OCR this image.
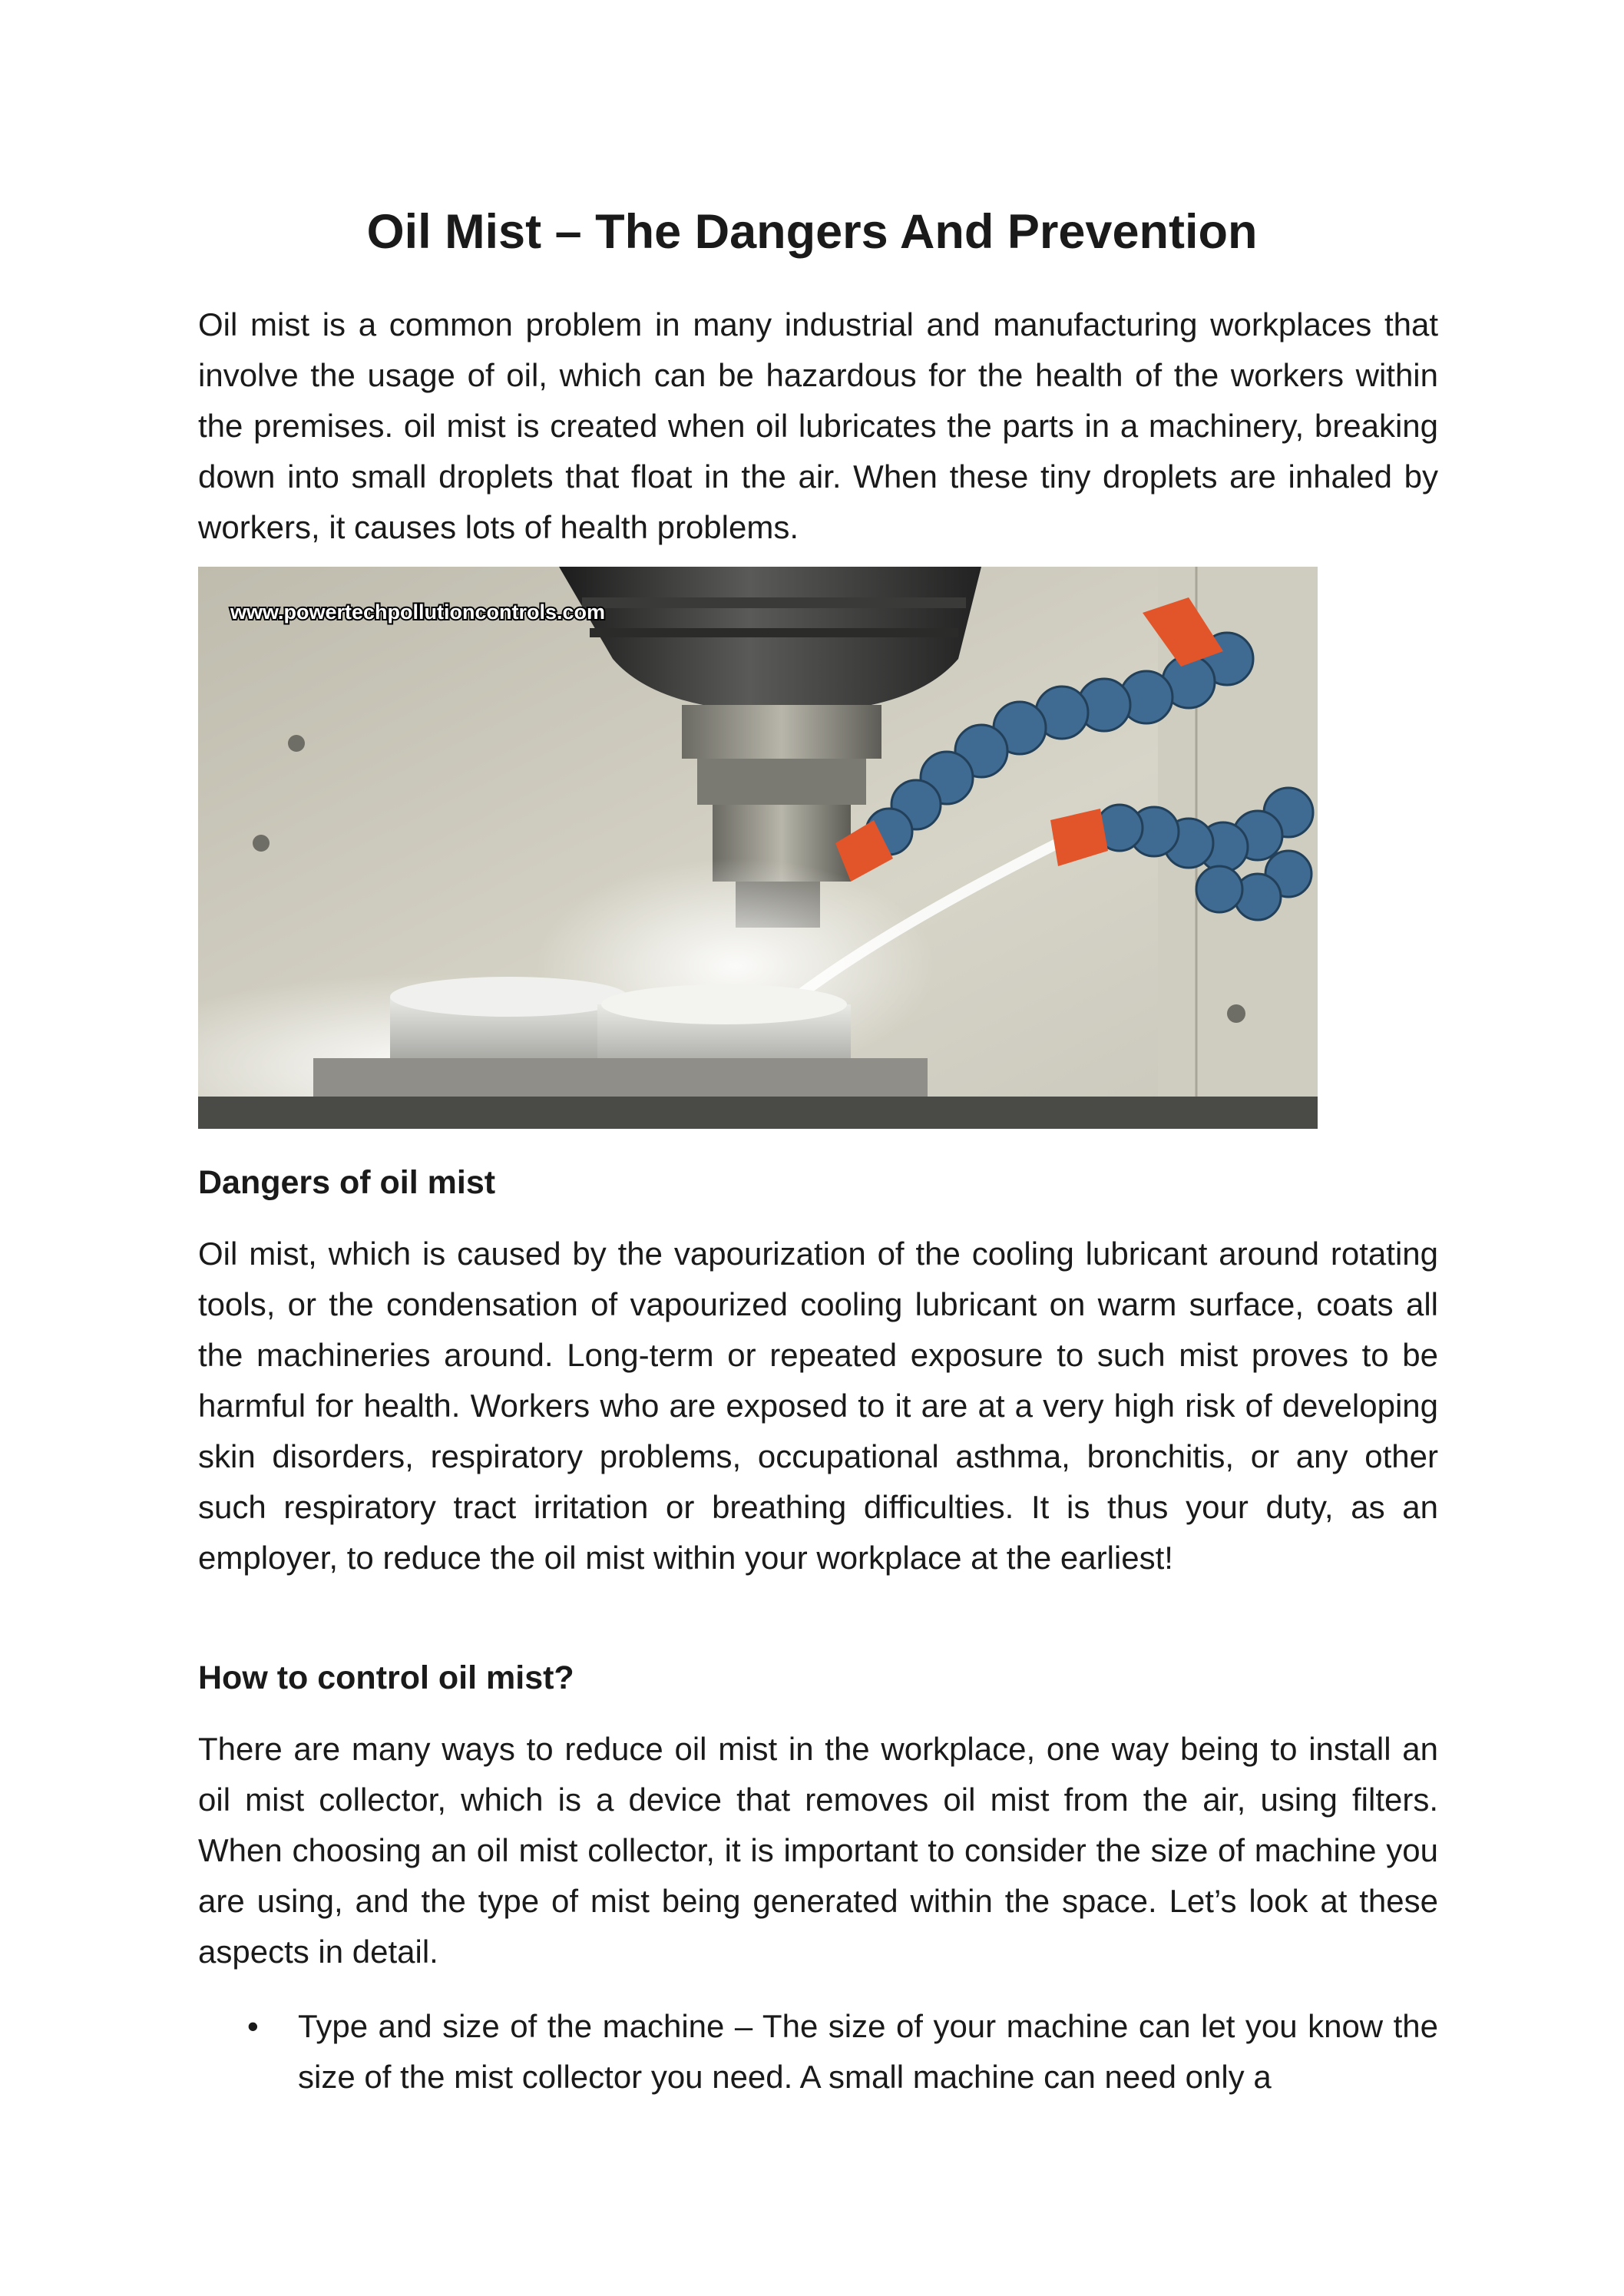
Oil Mist – The Dangers And Prevention

Oil mist is a common problem in many industrial and manufacturing workplaces that involve the usage of oil, which can be hazardous for the health of the workers within the premises. oil mist is created when oil lubricates the parts in a machinery, breaking down into small droplets that float in the air. When these tiny droplets are inhaled by workers, it causes lots of health problems.

www.powertechpollutioncontrols.com
Dangers of oil mist

Oil mist, which is caused by the vapourization of the cooling lubricant around rotating tools, or the condensation of vapourized cooling lubricant on warm surface, coats all the machineries around. Long-term or repeated exposure to such mist proves to be harmful for health. Workers who are exposed to it are at a very high risk of developing skin disorders, respiratory problems, occupational asthma, bronchitis, or any other such respiratory tract irritation or breathing difficulties. It is thus your duty, as an employer, to reduce the oil mist within your workplace at the earliest!

How to control oil mist?

There are many ways to reduce oil mist in the workplace, one way being to install an oil mist collector, which is a device that removes oil mist from the air, using filters. When choosing an oil mist collector, it is important to consider the size of machine you are using, and the type of mist being generated within the space. Let’s look at these aspects in detail.

• Type and size of the machine – The size of your machine can let you know the size of the mist collector you need. A small machine can need only a
